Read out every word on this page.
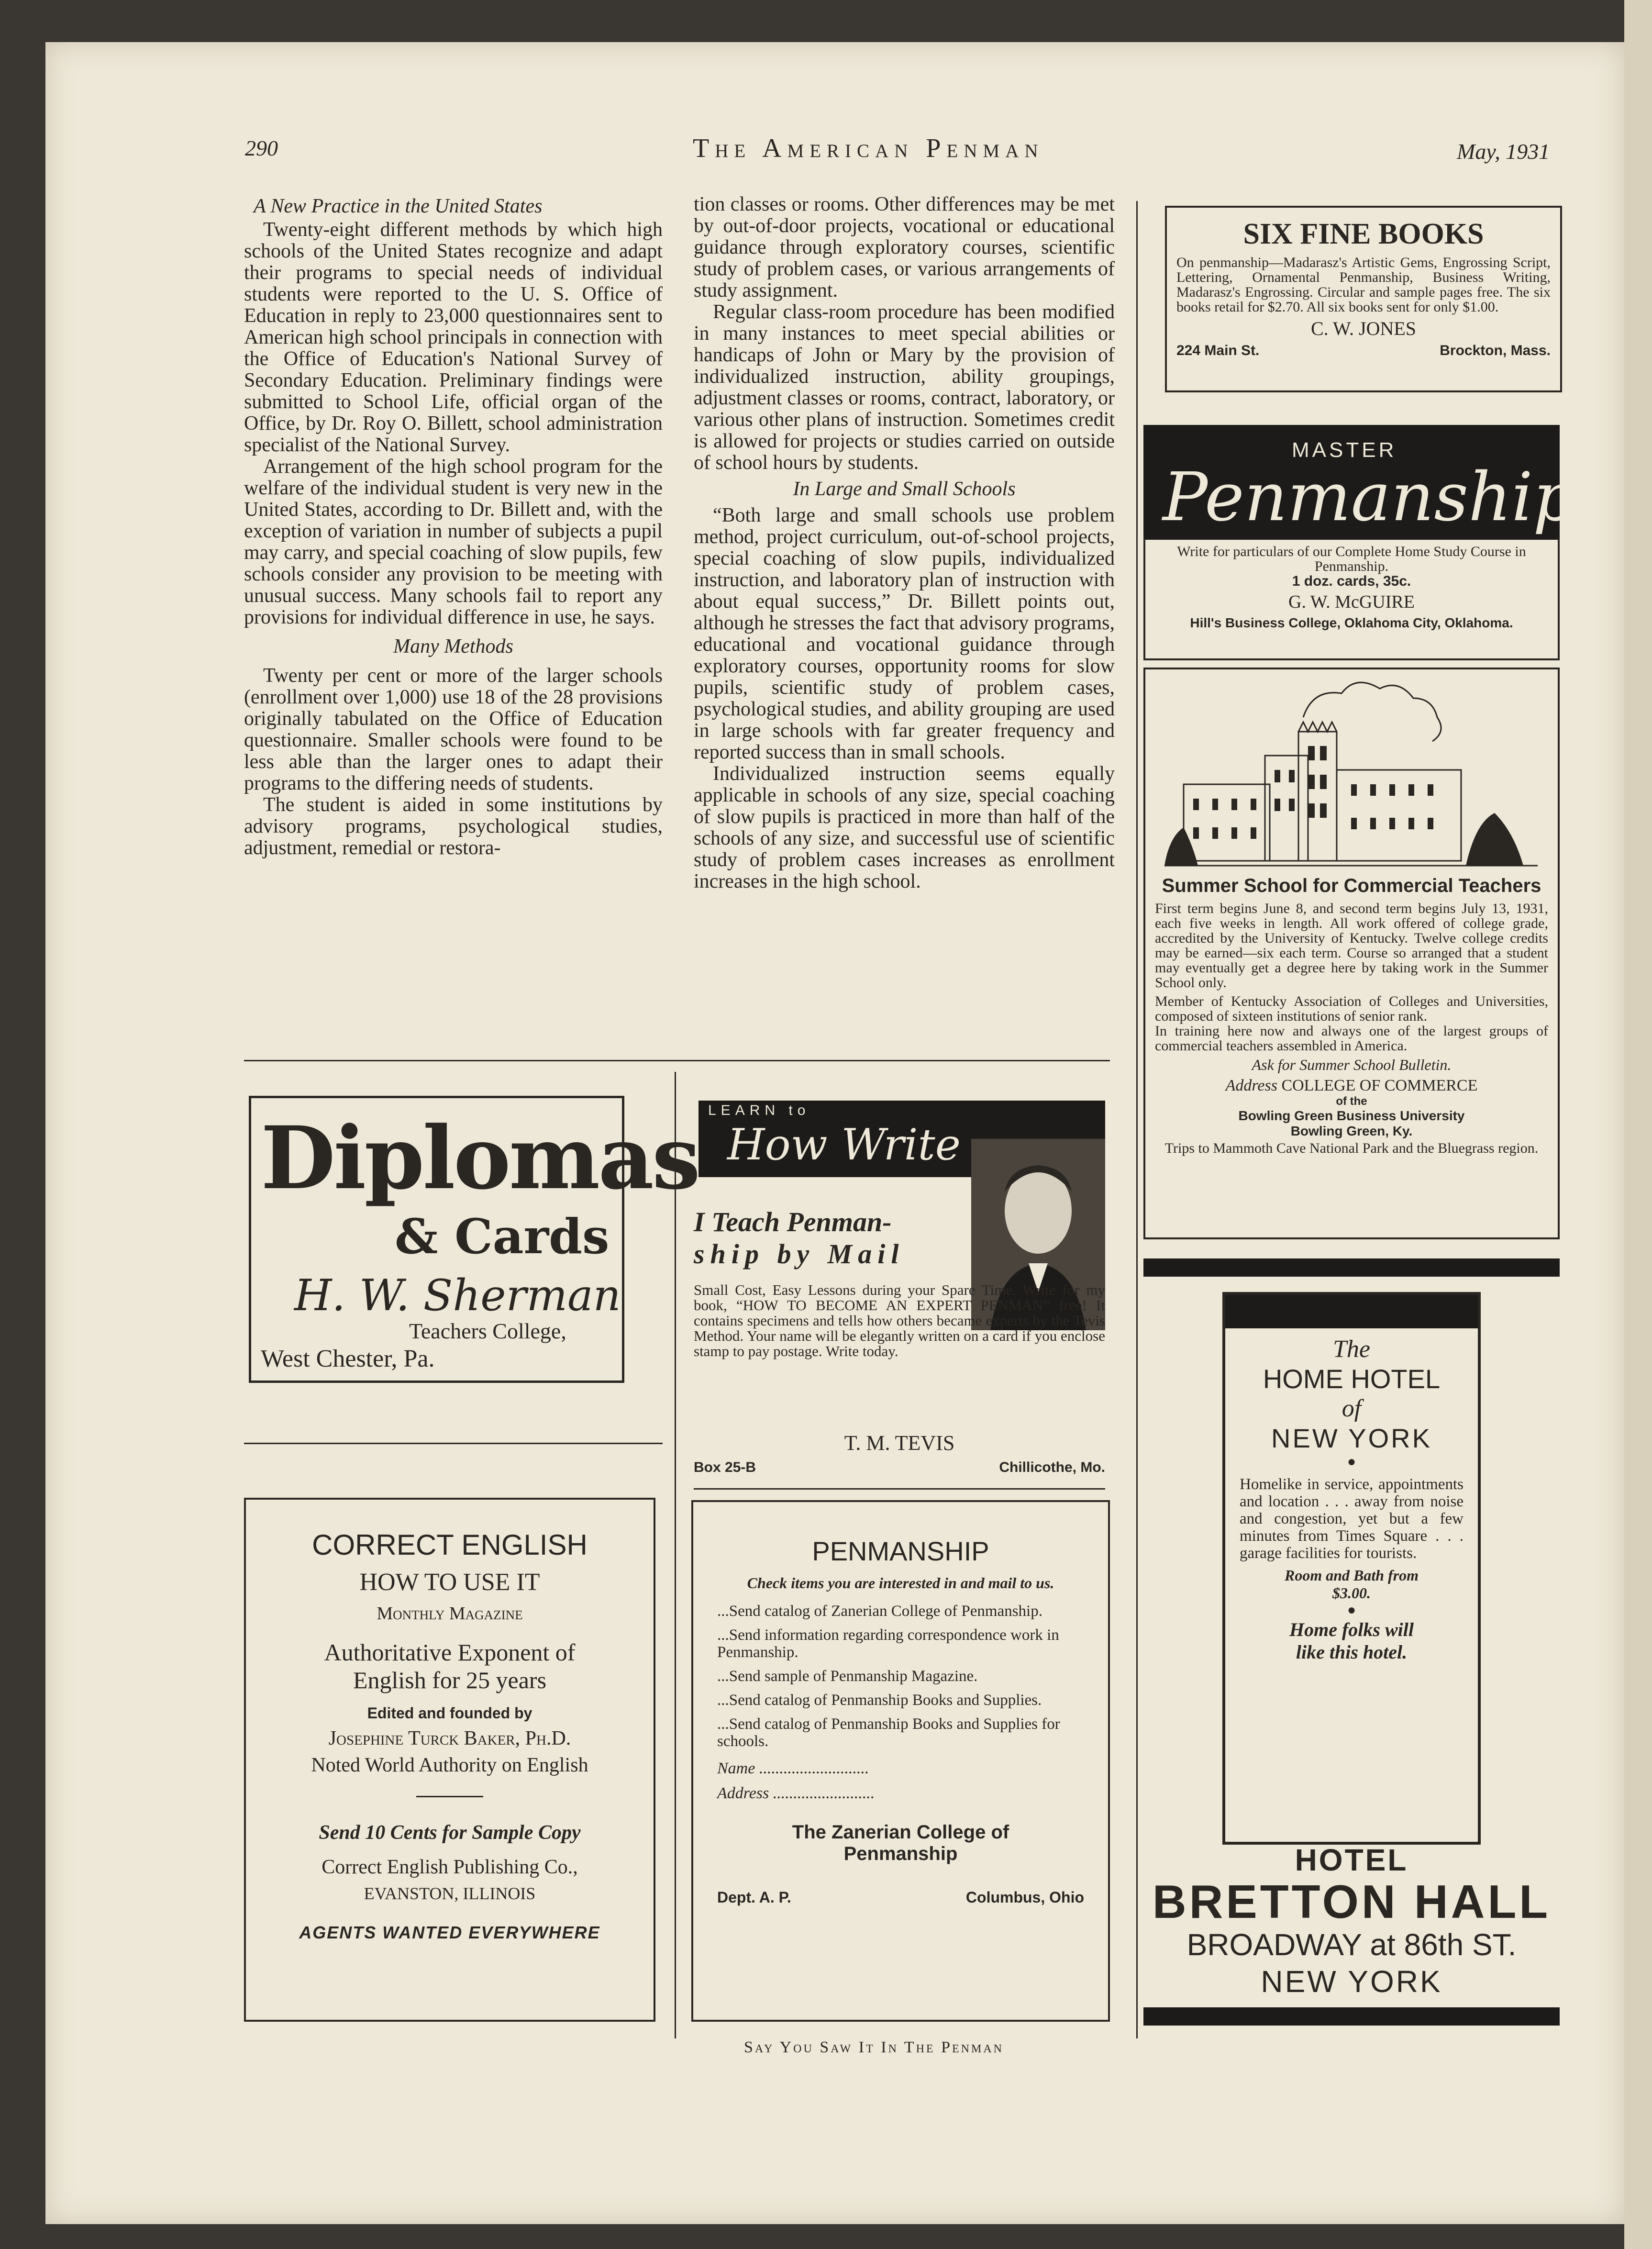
290	The American Penman	May, 1931
A New Practice in the United States

Twenty-eight different methods by which high schools of the United States recognize and adapt their programs to special needs of individual students were reported to the U. S. Office of Education in reply to 23,000 questionnaires sent to American high school principals in connection with the Office of Education's National Survey of Secondary Education. Preliminary findings were submitted to School Life, official organ of the Office, by Dr. Roy O. Billett, school administration specialist of the National Survey.

Arrangement of the high school program for the welfare of the individual student is very new in the United States, according to Dr. Billett and, with the exception of variation in number of subjects a pupil may carry, and special coaching of slow pupils, few schools consider any provision to be meeting with unusual success. Many schools fail to report any provisions for individual difference in use, he says.

Many Methods

Twenty per cent or more of the larger schools (enrollment over 1,000) use 18 of the 28 provisions originally tabulated on the Office of Education questionnaire. Smaller schools were found to be less able than the larger ones to adapt their programs to the differing needs of students.

The student is aided in some institutions by advisory programs, psychological studies, adjustment, remedial or restora-

tion classes or rooms. Other differences may be met by out-of-door projects, vocational or educational guidance through exploratory courses, scientific study of problem cases, or various arrangements of study assignment.

Regular class-room procedure has been modified in many instances to meet special abilities or handicaps of John or Mary by the provision of individualized instruction, ability groupings, adjustment classes or rooms, contract, laboratory, or various other plans of instruction. Sometimes credit is allowed for projects or studies carried on outside of school hours by students.

In Large and Small Schools

“Both large and small schools use problem method, project curriculum, out-of-school projects, special coaching of slow pupils, individualized instruction, and laboratory plan of instruction with about equal success,” Dr. Billett points out, although he stresses the fact that advisory programs, educational and vocational guidance through exploratory courses, opportunity rooms for slow pupils, scientific study of problem cases, psychological studies, and ability grouping are used in large schools with far greater frequency and reported success than in small schools.

Individualized instruction seems equally applicable in schools of any size, special coaching of slow pupils is practiced in more than half of the schools of any size, and successful use of scientific study of problem cases increases as enrollment increases in the high school.

SIX FINE BOOKS
On penmanship—Madarasz's Artistic Gems, Engrossing Script, Lettering, Ornamental Penmanship, Business Writing, Madarasz's Engrossing. Circular and sample pages free. The six books retail for $2.70. All six books sent for only $1.00.
C. W. JONES
224 Main St.	Brockton, Mass.
MASTER
Penmanship
Write for particulars of our Complete Home Study Course in Penmanship.
1 doz. cards, 35c.
G. W. McGUIRE
Hill's Business College, Oklahoma City, Oklahoma.
Summer School for Commercial Teachers
First term begins June 8, and second term begins July 13, 1931, each five weeks in length. All work offered of college grade, accredited by the University of Kentucky. Twelve college credits may be earned—six each term. Course so arranged that a student may eventually get a degree here by taking work in the Summer School only.
Member of Kentucky Association of Colleges and Universities, composed of sixteen institutions of senior rank.
In training here now and always one of the largest groups of commercial teachers assembled in America.
Ask for Summer School Bulletin.
Address COLLEGE OF COMMERCE
of the
Bowling Green Business University
Bowling Green, Ky.
Trips to Mammoth Cave National Park and the Bluegrass region.
The
HOME HOTEL
of
NEW YORK
●
Homelike in service, appointments and location . . . away from noise and congestion, yet but a few minutes from Times Square . . . garage facilities for tourists.
Room and Bath from
$3.00.
●
Home folks will
like this hotel.
HOTEL
BRETTON HALL
BROADWAY at 86th ST.
NEW YORK
Diplomas
& Cards
H. W. Sherman
Teachers College,
West Chester, Pa.
LEARN to
How Write
I Teach Penman-
ship by Mail
Small Cost, Easy Lessons during your Spare Time. Write for my book, “HOW TO BECOME AN EXPERT PENMAN” free! It contains specimens and tells how others became experts by the Tevis Method. Your name will be elegantly written on a card if you enclose stamp to pay postage. Write today.
T. M. TEVIS
Box 25-B	Chillicothe, Mo.
CORRECT ENGLISH
HOW TO USE IT
Monthly Magazine
Authoritative Exponent of
English for 25 years
Edited and founded by
Josephine Turck Baker, Ph.D.
Noted World Authority on English
Send 10 Cents for Sample Copy
Correct English Publishing Co.,
EVANSTON, ILLINOIS
AGENTS WANTED EVERYWHERE
PENMANSHIP
Check items you are interested in and mail to us.
...Send catalog of Zanerian College of Penmanship.
...Send information regarding correspondence work in Penmanship.
...Send sample of Penmanship Magazine.
...Send catalog of Penmanship Books and Supplies.
...Send catalog of Penmanship Books and Supplies for schools.
Name ...........................
Address .........................
The Zanerian College of
Penmanship
Dept. A. P.	Columbus, Ohio
Say You Saw It In The Penman
